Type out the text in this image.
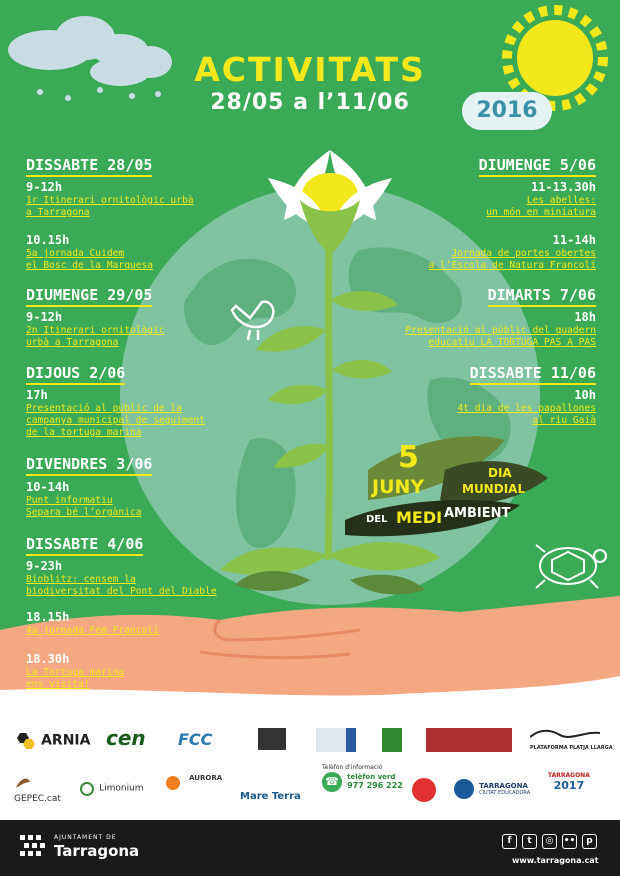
ACTIVITATS
28/05 a l’11/06	2016
DISSABTE 28/05
9-12h
1r Itinerari ornitològic urbà
a Tarragona
10.15h
5a jornada Cuidem
el Bosc de la Marquesa
DIUMENGE 29/05
9-12h
2n Itinerari ornitològic
urbà a Tarragona
DIJOUS 2/06
17h
Presentació al públic de la
campanya municipal de seguiment
de la tortuga marina
DIVENDRES 3/06
10-14h
Punt informatiu
Separa bé l’orgànica
DISSABTE 4/06
9-23h
Bioblitz: censem la
biodiversitat del Pont del Diable
18.15h
4a jornada Fem Francolí
18.30h
La Tortuga marina
ens visita!
DIUMENGE 5/06
11-13.30h
Les abelles:
un món en miniatura
11-14h
Jornada de portes obertes
a l’Escola de Natura Francolí
DIMARTS 7/06
18h
Presentació al públic del quadern
educatiu LA TORTUGA PAS A PAS
DISSABTE 11/06
10h
4t dia de les papallones
al riu Gaià
5
JUNY
DIA
MUNDIAL
DEL MEDI AMBIENT
ARNIA cen FCC	PLATAFORMA PLATJA LLARGA
GEPEC.cat
Limonium
$^{AURORA}$
Mare Terra
Telèfon d'informació
☎ telèfon verd
977 296 222
	TARRAGONA
CIUTAT EDUCADORA
TARRAGONA
2017
AJUNTAMENT DE
Tarragona
f	t	◎	••	p
www.tarragona.cat
